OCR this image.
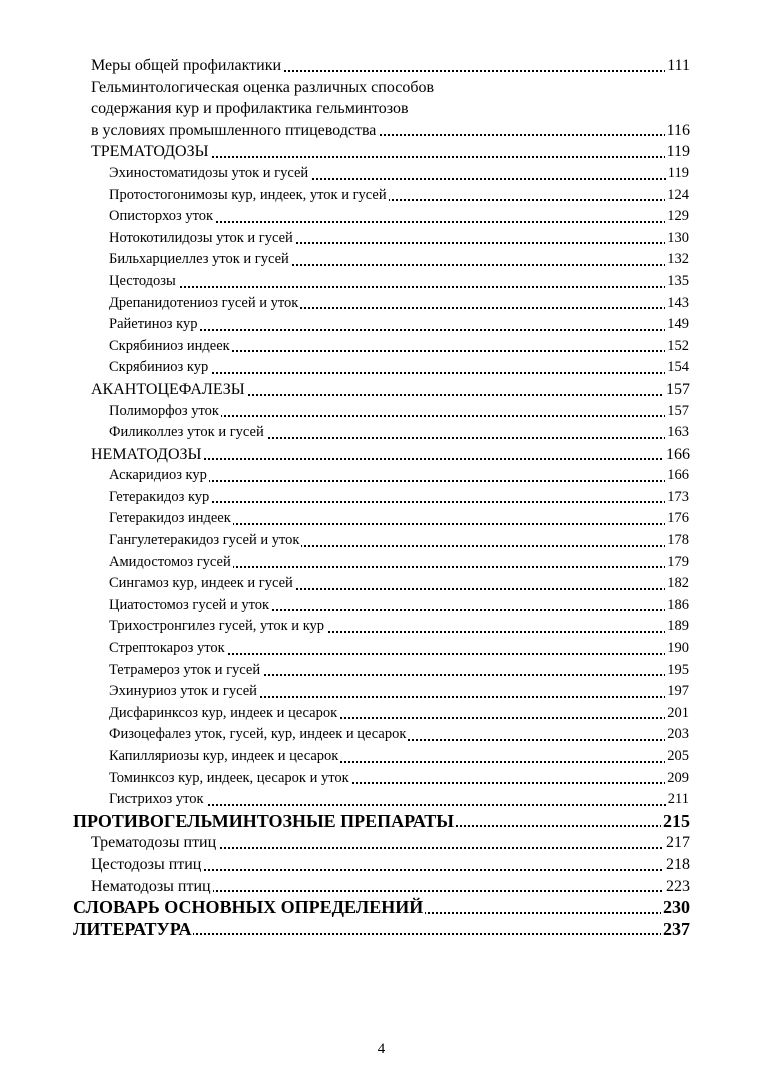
Меры общей профилактики	111
Гельминтологическая оценка различных способов
содержания кур и профилактика гельминтозов
в условиях промышленного птицеводства	116
ТРЕМАТОДОЗЫ	119
Эхиностоматидозы уток и гусей	119
Протостогонимозы кур, индеек, уток и гусей	124
Описторхоз уток	129
Нотокотилидозы уток и гусей	130
Бильхарциеллез уток и гусей	132
Цестодозы	135
Дрепанидотениоз гусей и уток	143
Райетиноз кур	149
Скрябиниоз индеек	152
Скрябиниоз кур	154
АКАНТОЦЕФАЛЕЗЫ	157
Полиморфоз уток	157
Филиколлез уток и гусей	163
НЕМАТОДОЗЫ	166
Аскаридиоз кур	166
Гетеракидоз кур	173
Гетеракидоз индеек	176
Гангулетеракидоз гусей и уток	178
Амидостомоз гусей	179
Сингамоз кур, индеек и гусей	182
Циатостомоз гусей и уток	186
Трихостронгилез гусей, уток и кур	189
Стрептокароз уток	190
Тетрамероз уток и гусей	195
Эхинуриоз уток и гусей	197
Дисфаринксоз кур, индеек и цесарок	201
Физоцефалез уток, гусей, кур, индеек и цесарок	203
Капилляриозы кур, индеек и цесарок	205
Томинксоз кур, индеек, цесарок и уток	209
Гистрихоз уток	211
ПРОТИВОГЕЛЬМИНТОЗНЫЕ ПРЕПАРАТЫ	215
Трематодозы птиц	217
Цестодозы птиц	218
Нематодозы птиц	223
СЛОВАРЬ ОСНОВНЫХ ОПРЕДЕЛЕНИЙ	230
ЛИТЕРАТУРА	237
4
